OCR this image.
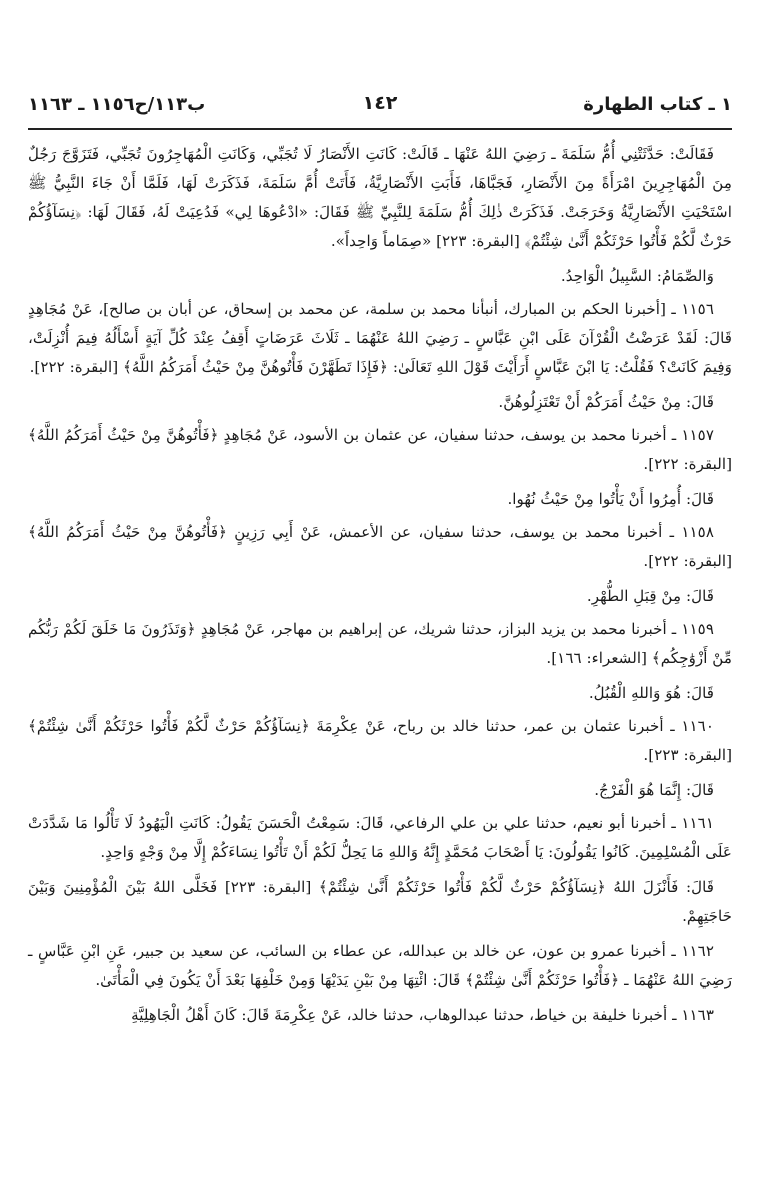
١ ـ كتاب الطهارة
١٤٢
ب١١٣/ح١١٥٦ ـ ١١٦٣

فَقَالَتْ: حَدَّثَتْنِي أُمُّ سَلَمَةَ ـ رَضِيَ اللهُ عَنْهَا ـ قَالَتْ: كَانَتِ الأَنْصَارُ لَا تُجَبِّي، وَكَانَتِ الْمُهَاجِرُونَ تُجَبِّي، فَتَزَوَّجَ رَجُلٌ مِنَ الْمُهَاجِرِينَ امْرَأَةً مِنَ الأَنْصَارِ، فَجَبَّاهَا، فَأَبَتِ الأَنْصَارِيَّةُ، فَأَتَتْ أُمَّ سَلَمَةَ، فَذَكَرَتْ لَهَا، فَلَمَّا أَنْ جَاءَ النَّبِيُّ ﷺ اسْتَحْيَتِ الأَنْصَارِيَّةُ وَخَرَجَتْ. فَذَكَرَتْ ذٰلِكَ أُمُّ سَلَمَةَ لِلنَّبِيِّ ﷺ فَقَالَ: «ادْعُوهَا لِي» فَدُعِيَتْ لَهُ، فَقَالَ لَهَا: ﴿نِسَآؤُكُمْ حَرْثٌ لَّكُمْ فَأْتُوا حَرْثَكُمْ أَنَّىٰ شِئْتُمْ﴾ [البقرة: ٢٢٣] «صِمَاماً وَاحِداً».

وَالصِّمَامُ: السَّبِيلُ الْوَاحِدُ.

١١٥٦ ـ [أخبرنا الحكم بن المبارك، أنبأنا محمد بن سلمة، عن محمد بن إسحاق، عن أبان بن صالح]، عَنْ مُجَاهِدٍ قَالَ: لَقَدْ عَرَضْتُ الْقُرْآنَ عَلَى ابْنِ عَبَّاسٍ ـ رَضِيَ اللهُ عَنْهُمَا ـ ثَلَاثَ عَرَضَاتٍ أَقِفُ عِنْدَ كُلِّ آيَةٍ أَسْأَلُهُ فِيمَ أُنْزِلَتْ، وَفِيمَ كَانَتْ؟ فَقُلْتُ: يَا ابْنَ عَبَّاسٍ أَرَأَيْتَ قَوْلَ اللهِ تَعَالَىٰ: ﴿فَإِذَا تَطَهَّرْنَ فَأْتُوهُنَّ مِنْ حَيْثُ أَمَرَكُمُ اللَّهُ﴾ [البقرة: ٢٢٢].

قَالَ: مِنْ حَيْثُ أَمَرَكُمْ أَنْ تَعْتَزِلُوهُنَّ.

١١٥٧ ـ أخبرنا محمد بن يوسف، حدثنا سفيان، عن عثمان بن الأسود، عَنْ مُجَاهِدٍ ﴿فَأْتُوهُنَّ مِنْ حَيْثُ أَمَرَكُمُ اللَّهُ﴾ [البقرة: ٢٢٢].

قَالَ: أُمِرُوا أَنْ يَأْتُوا مِنْ حَيْثُ نُهُوا.

١١٥٨ ـ أخبرنا محمد بن يوسف، حدثنا سفيان، عن الأعمش، عَنْ أَبِي رَزِينٍ ﴿فَأْتُوهُنَّ مِنْ حَيْثُ أَمَرَكُمُ اللَّهُ﴾ [البقرة: ٢٢٢].

قَالَ: مِنْ قِبَلِ الطُّهْرِ.

١١٥٩ ـ أخبرنا محمد بن يزيد البزاز، حدثنا شريك، عن إبراهيم بن مهاجر، عَنْ مُجَاهِدٍ ﴿وَتَذَرُونَ مَا خَلَقَ لَكُمْ رَبُّكُم مِّنْ أَزْوَٰجِكُم﴾ [الشعراء: ١٦٦].

قَالَ: هُوَ وَاللهِ الْقُبُلُ.

١١٦٠ ـ أخبرنا عثمان بن عمر، حدثنا خالد بن رباح، عَنْ عِكْرِمَةَ ﴿نِسَآؤُكُمْ حَرْثٌ لَّكُمْ فَأْتُوا حَرْثَكُمْ أَنَّىٰ شِئْتُمْ﴾ [البقرة: ٢٢٣].

قَالَ: إِنَّمَا هُوَ الْفَرْجُ.

١١٦١ ـ أخبرنا أبو نعيم، حدثنا علي بن علي الرفاعي، قَالَ: سَمِعْتُ الْحَسَنَ يَقُولُ: كَانَتِ الْيَهُودُ لَا تَأْلُوا مَا شَدَّدَتْ عَلَى الْمُسْلِمِينَ. كَانُوا يَقُولُونَ: يَا أَصْحَابَ مُحَمَّدٍ إِنَّهُ وَاللهِ مَا يَحِلُّ لَكُمْ أَنْ تَأْتُوا نِسَاءَكُمْ إِلَّا مِنْ وَجْهٍ وَاحِدٍ.

قَالَ: فَأَنْزَلَ اللهُ ﴿نِسَآؤُكُمْ حَرْثٌ لَّكُمْ فَأْتُوا حَرْثَكُمْ أَنَّىٰ شِئْتُمْ﴾ [البقرة: ٢٢٣] فَخَلَّى اللهُ بَيْنَ الْمُؤْمِنِينَ وَبَيْنَ حَاجَتِهِمْ.

١١٦٢ ـ أخبرنا عمرو بن عون، عن خالد بن عبدالله، عن عطاء بن السائب، عن سعيد بن جبير، عَنِ ابْنِ عَبَّاسٍ ـ رَضِيَ اللهُ عَنْهُمَا ـ ﴿فَأْتُوا حَرْثَكُمْ أَنَّىٰ شِئْتُمْ﴾ قَالَ: ائْتِهَا مِنْ بَيْنِ يَدَيْهَا وَمِنْ خَلْفِهَا بَعْدَ أَنْ يَكُونَ فِي الْمَأْتَىٰ.

١١٦٣ ـ أخبرنا خليفة بن خياط، حدثنا عبدالوهاب، حدثنا خالد، عَنْ عِكْرِمَةَ قَالَ: كَانَ أَهْلُ الْجَاهِلِيَّةِ
